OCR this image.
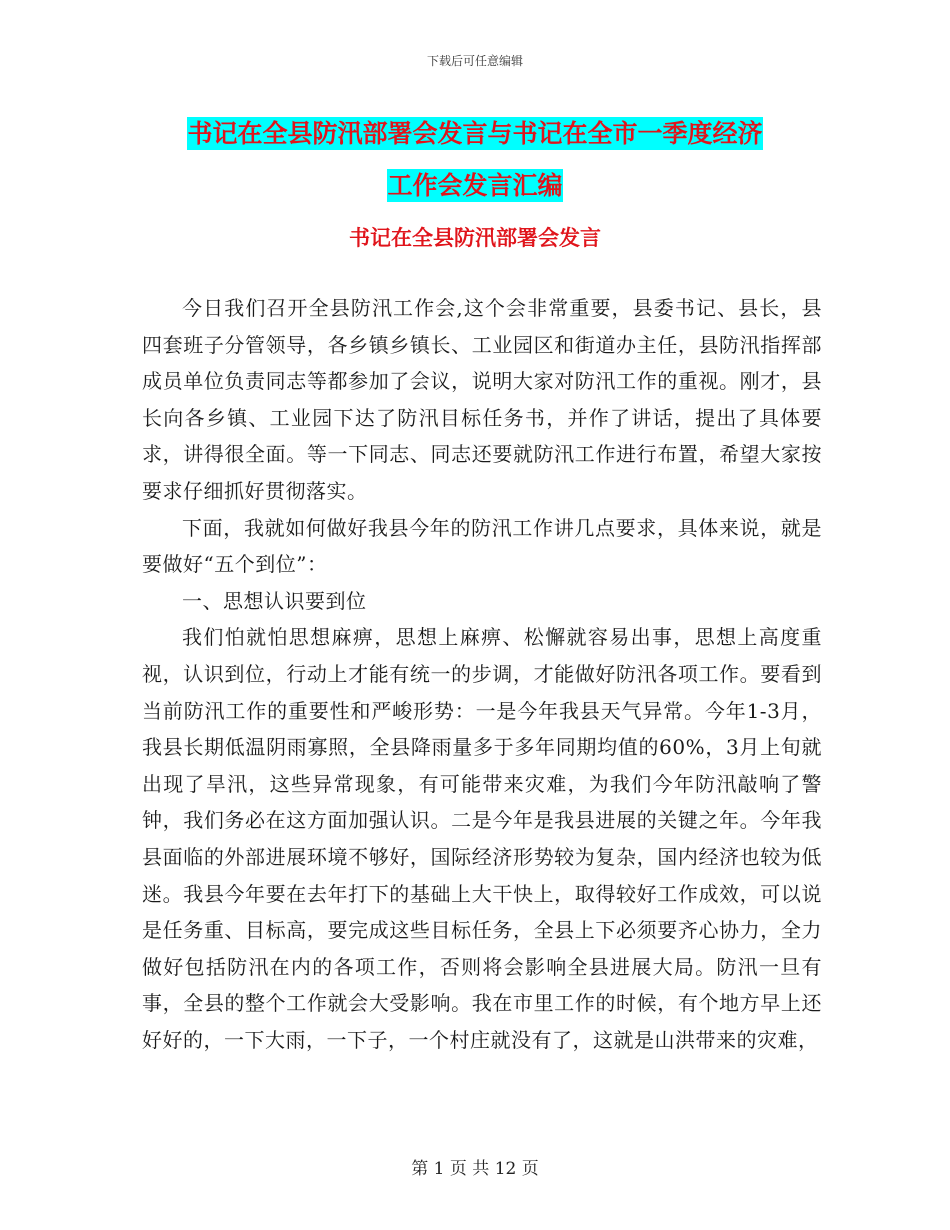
下载后可任意编辑
书记在全县防汛部署会发言与书记在全市一季度经济
工作会发言汇编
书记在全县防汛部署会发言

今日我们召开全县防汛工作会,这个会非常重要，县委书记、县长，县四套班子分管领导，各乡镇乡镇长、工业园区和街道办主任，县防汛指挥部成员单位负责同志等都参加了会议，说明大家对防汛工作的重视。刚才，县长向各乡镇、工业园下达了防汛目标任务书，并作了讲话，提出了具体要求，讲得很全面。等一下同志、同志还要就防汛工作进行布置，希望大家按要求仔细抓好贯彻落实。

下面，我就如何做好我县今年的防汛工作讲几点要求，具体来说，就是要做好“五个到位”：

一、思想认识要到位

我们怕就怕思想麻痹，思想上麻痹、松懈就容易出事，思想上高度重视，认识到位，行动上才能有统一的步调，才能做好防汛各项工作。要看到当前防汛工作的重要性和严峻形势：一是今年我县天气异常。今年1-3月，我县长期低温阴雨寡照，全县降雨量多于多年同期均值的60%，3月上旬就出现了旱汛，这些异常现象，有可能带来灾难，为我们今年防汛敲响了警钟，我们务必在这方面加强认识。二是今年是我县进展的关键之年。今年我县面临的外部进展环境不够好，国际经济形势较为复杂，国内经济也较为低迷。我县今年要在去年打下的基础上大干快上，取得较好工作成效，可以说是任务重、目标高，要完成这些目标任务，全县上下必须要齐心协力，全力做好包括防汛在内的各项工作，否则将会影响全县进展大局。防汛一旦有事，全县的整个工作就会大受影响。我在市里工作的时候，有个地方早上还好好的，一下大雨，一下子，一个村庄就没有了，这就是山洪带来的灾难，

第 1 页 共 12 页
